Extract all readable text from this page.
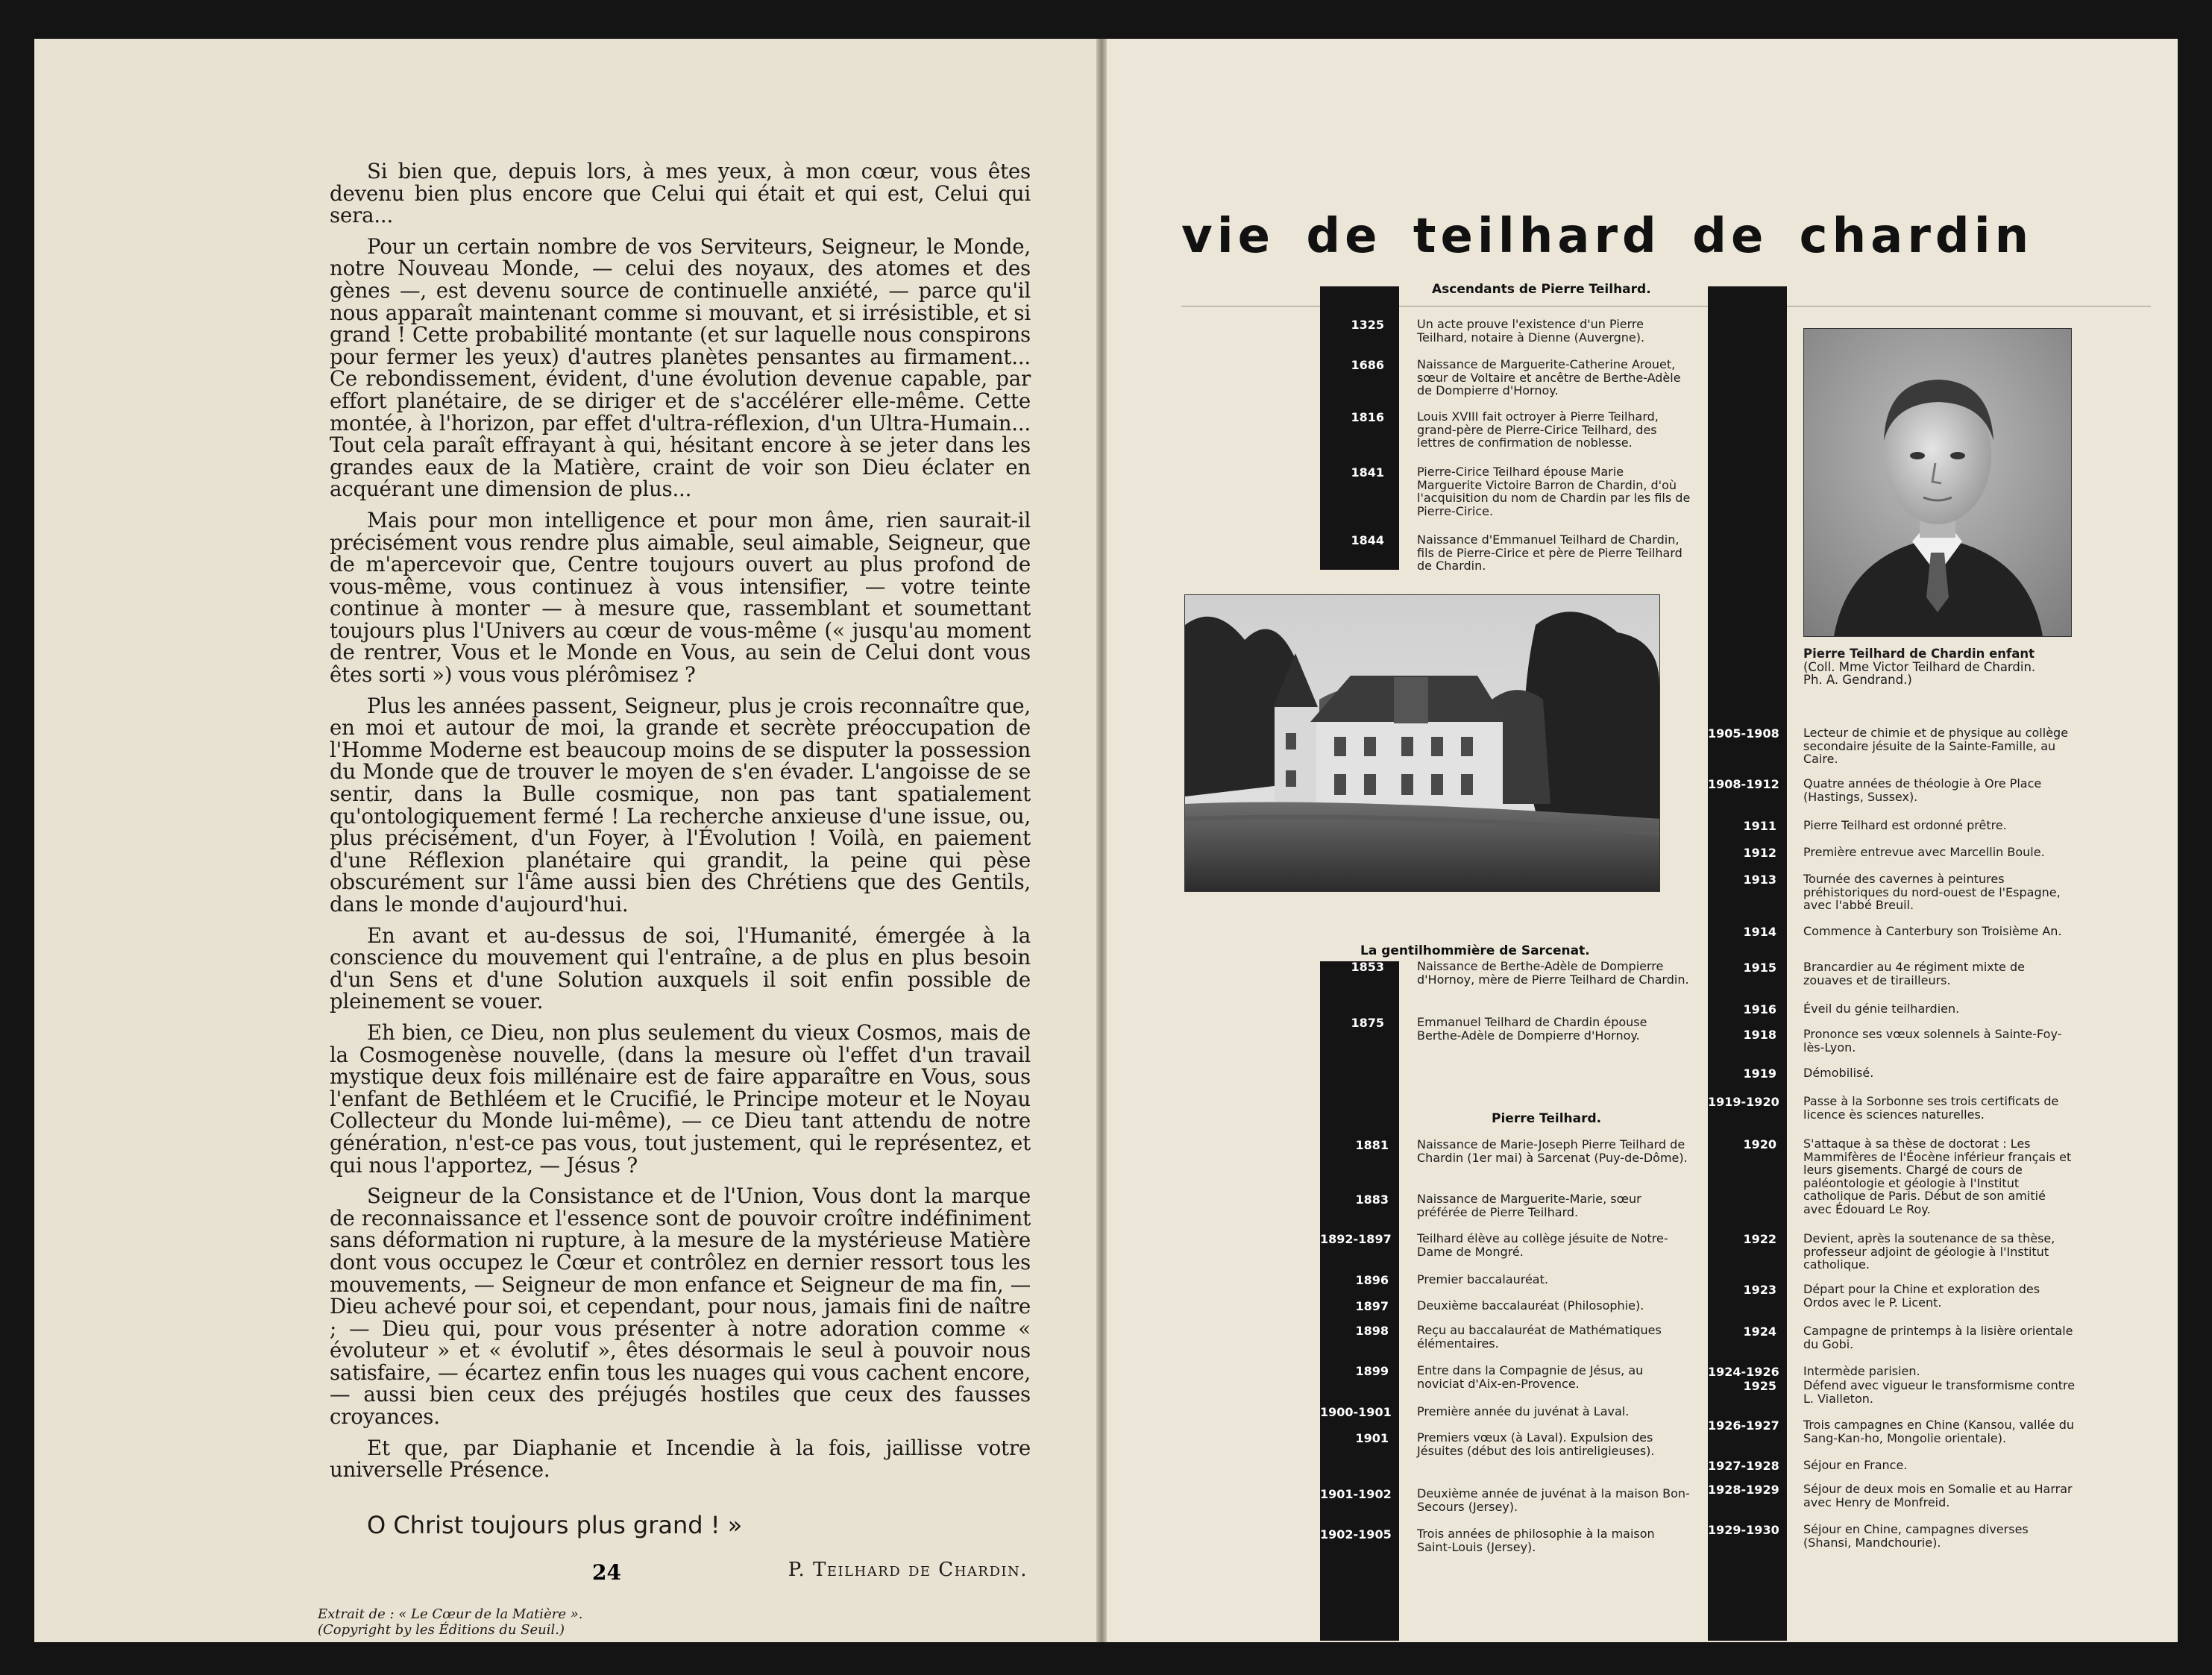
Si bien que, depuis lors, à mes yeux, à mon cœur, vous êtes devenu bien plus encore que Celui qui était et qui est, Celui qui sera...

Pour un certain nombre de vos Serviteurs, Seigneur, le Monde, notre Nouveau Monde, — celui des noyaux, des atomes et des gènes —, est devenu source de continuelle anxiété, — parce qu'il nous apparaît maintenant comme si mouvant, et si irrésistible, et si grand ! Cette probabilité montante (et sur laquelle nous conspirons pour fermer les yeux) d'autres planètes pensantes au firmament... Ce rebondissement, évident, d'une évolution devenue capable, par effort planétaire, de se diriger et de s'accélérer elle-même. Cette montée, à l'horizon, par effet d'ultra-réflexion, d'un Ultra-Humain... Tout cela paraît effrayant à qui, hésitant encore à se jeter dans les grandes eaux de la Matière, craint de voir son Dieu éclater en acquérant une dimension de plus...

Mais pour mon intelligence et pour mon âme, rien saurait-il précisément vous rendre plus aimable, seul aimable, Seigneur, que de m'apercevoir que, Centre toujours ouvert au plus profond de vous-même, vous continuez à vous intensifier, — votre teinte continue à monter — à mesure que, rassemblant et soumettant toujours plus l'Univers au cœur de vous-même (« jusqu'au moment de rentrer, Vous et le Monde en Vous, au sein de Celui dont vous êtes sorti ») vous vous plérômisez ?

Plus les années passent, Seigneur, plus je crois reconnaître que, en moi et autour de moi, la grande et secrète préoccupation de l'Homme Moderne est beaucoup moins de se disputer la possession du Monde que de trouver le moyen de s'en évader. L'angoisse de se sentir, dans la Bulle cosmique, non pas tant spatialement qu'ontologiquement fermé ! La recherche anxieuse d'une issue, ou, plus précisément, d'un Foyer, à l'Évolution ! Voilà, en paiement d'une Réflexion planétaire qui grandit, la peine qui pèse obscurément sur l'âme aussi bien des Chrétiens que des Gentils, dans le monde d'aujourd'hui.

En avant et au-dessus de soi, l'Humanité, émergée à la conscience du mouvement qui l'entraîne, a de plus en plus besoin d'un Sens et d'une Solution auxquels il soit enfin possible de pleinement se vouer.

Eh bien, ce Dieu, non plus seulement du vieux Cosmos, mais de la Cosmogenèse nouvelle, (dans la mesure où l'effet d'un travail mystique deux fois millénaire est de faire apparaître en Vous, sous l'enfant de Bethléem et le Crucifié, le Principe moteur et le Noyau Collecteur du Monde lui-même), — ce Dieu tant attendu de notre génération, n'est-ce pas vous, tout justement, qui le représentez, et qui nous l'apportez, — Jésus ?

Seigneur de la Consistance et de l'Union, Vous dont la marque de reconnaissance et l'essence sont de pouvoir croître indéfiniment sans déformation ni rupture, à la mesure de la mystérieuse Matière dont vous occupez le Cœur et contrôlez en dernier ressort tous les mouvements, — Seigneur de mon enfance et Seigneur de ma fin, — Dieu achevé pour soi, et cependant, pour nous, jamais fini de naître ; — Dieu qui, pour vous présenter à notre adoration comme « évoluteur » et « évolutif », êtes désormais le seul à pouvoir nous satisfaire, — écartez enfin tous les nuages qui vous cachent encore, — aussi bien ceux des préjugés hostiles que ceux des fausses croyances.

Et que, par Diaphanie et Incendie à la fois, jaillisse votre universelle Présence.

O Christ toujours plus grand ! »
P. Teilhard de Chardin.
Extrait de : « Le Cœur de la Matière ».
(Copyright by les Éditions du Seuil.)
24
vie de teilhard de chardin
Ascendants de Pierre Teilhard.
1325	Un acte prouve l'existence d'un Pierre Teilhard, notaire à Dienne (Auvergne).
1686	Naissance de Marguerite-Catherine Arouet, sœur de Voltaire et ancêtre de Berthe-Adèle de Dompierre d'Hornoy.
1816	Louis XVIII fait octroyer à Pierre Teilhard, grand-père de Pierre-Cirice Teilhard, des lettres de confirmation de noblesse.
1841	Pierre-Cirice Teilhard épouse Marie Marguerite Victoire Barron de Chardin, d'où l'acquisition du nom de Chardin par les fils de Pierre-Cirice.
1844	Naissance d'Emmanuel Teilhard de Chardin, fils de Pierre-Cirice et père de Pierre Teilhard de Chardin.
La gentilhommière de Sarcenat.
1853	Naissance de Berthe-Adèle de Dompierre d'Hornoy, mère de Pierre Teilhard de Chardin.
1875	Emmanuel Teilhard de Chardin épouse Berthe-Adèle de Dompierre d'Hornoy.
Pierre Teilhard.
1881 Naissance de Marie-Joseph Pierre Teilhard de Chardin (1er mai) à Sarcenat (Puy-de-Dôme).
1883 Naissance de Marguerite-Marie, sœur préférée de Pierre Teilhard.
1892-1897 Teilhard élève au collège jésuite de Notre-Dame de Mongré.
1896 Premier baccalauréat.
1897 Deuxième baccalauréat (Philosophie).
1898 Reçu au baccalauréat de Mathématiques élémentaires.
1899 Entre dans la Compagnie de Jésus, au noviciat d'Aix-en-Provence.
1900-1901 Première année du juvénat à Laval.
1901 Premiers vœux (à Laval). Expulsion des Jésuites (début des lois antireligieuses).
1901-1902 Deuxième année de juvénat à la maison Bon-Secours (Jersey).
1902-1905 Trois années de philosophie à la maison Saint-Louis (Jersey).
Pierre Teilhard de Chardin enfant
(Coll. Mme Victor Teilhard de Chardin.
Ph. A. Gendrand.)
1905-1908 Lecteur de chimie et de physique au collège secondaire jésuite de la Sainte-Famille, au Caire.
1908-1912 Quatre années de théologie à Ore Place (Hastings, Sussex).
1911 Pierre Teilhard est ordonné prêtre.
1912 Première entrevue avec Marcellin Boule.
1913 Tournée des cavernes à peintures préhistoriques du nord-ouest de l'Espagne, avec l'abbé Breuil.
1914 Commence à Canterbury son Troisième An.
1915 Brancardier au 4e régiment mixte de zouaves et de tirailleurs.
1916 Éveil du génie teilhardien.
1918 Prononce ses vœux solennels à Sainte-Foy-lès-Lyon.
1919 Démobilisé.
1919-1920 Passe à la Sorbonne ses trois certificats de licence ès sciences naturelles.
1920 S'attaque à sa thèse de doctorat : Les Mammifères de l'Éocène inférieur français et leurs gisements. Chargé de cours de paléontologie et géologie à l'Institut catholique de Paris. Début de son amitié avec Édouard Le Roy.
1922 Devient, après la soutenance de sa thèse, professeur adjoint de géologie à l'Institut catholique.
1923 Départ pour la Chine et exploration des Ordos avec le P. Licent.
1924 Campagne de printemps à la lisière orientale du Gobi.
1924-1926 Intermède parisien.
1925 Défend avec vigueur le transformisme contre L. Vialleton.
1926-1927 Trois campagnes en Chine (Kansou, vallée du Sang-Kan-ho, Mongolie orientale).
1927-1928 Séjour en France.
1928-1929 Séjour de deux mois en Somalie et au Harrar avec Henry de Monfreid.
1929-1930 Séjour en Chine, campagnes diverses (Shansi, Mandchourie).
